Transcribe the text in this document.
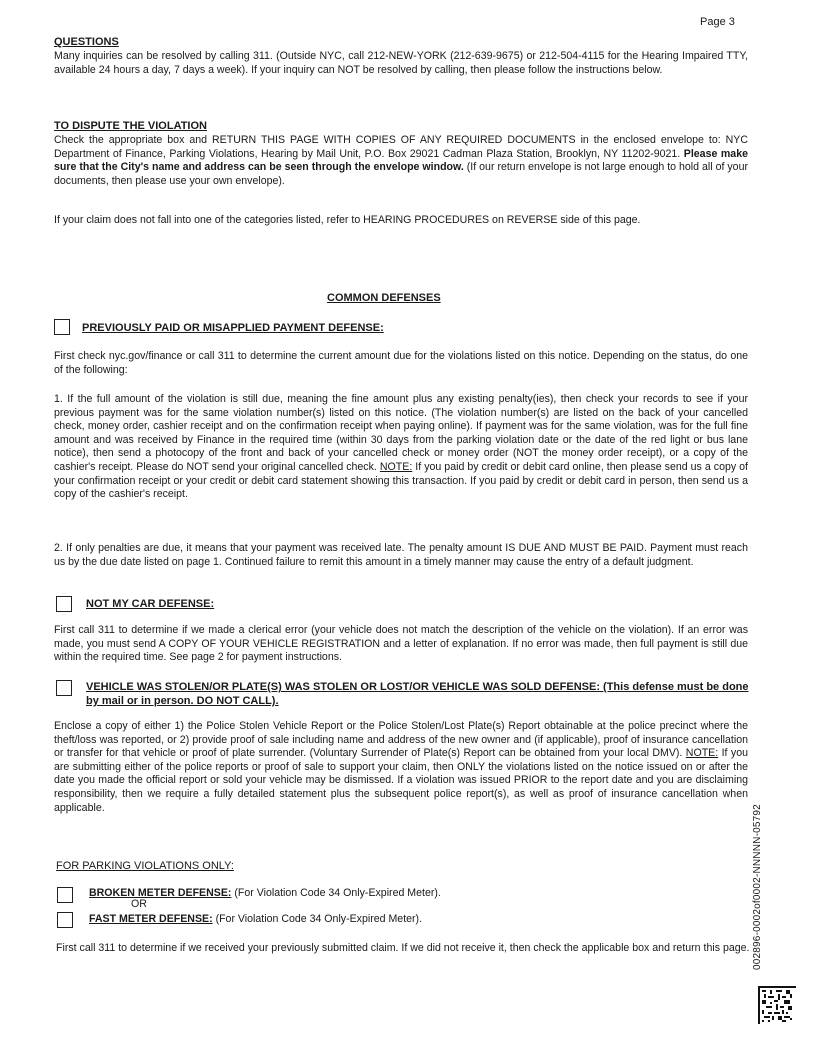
Page 3
QUESTIONS

Many inquiries can be resolved by calling 311. (Outside NYC, call 212-NEW-YORK (212-639-9675) or 212-504-4115 for the Hearing Impaired TTY, available 24 hours a day, 7 days a week). If your inquiry can NOT be resolved by calling, then please follow the instructions below.

TO DISPUTE THE VIOLATION

Check the appropriate box and RETURN THIS PAGE WITH COPIES OF ANY REQUIRED DOCUMENTS in the enclosed envelope to: NYC Department of Finance, Parking Violations, Hearing by Mail Unit, P.O. Box 29021 Cadman Plaza Station, Brooklyn, NY 11202-9021. Please make sure that the City's name and address can be seen through the envelope window. (If our return envelope is not large enough to hold all of your documents, then please use your own envelope).

If your claim does not fall into one of the categories listed, refer to HEARING PROCEDURES on REVERSE side of this page.

COMMON DEFENSES
PREVIOUSLY PAID OR MISAPPLIED PAYMENT DEFENSE:

First check nyc.gov/finance or call 311 to determine the current amount due for the violations listed on this notice. Depending on the status, do one of the following:

1. If the full amount of the violation is still due, meaning the fine amount plus any existing penalty(ies), then check your records to see if your previous payment was for the same violation number(s) listed on this notice. (The violation number(s) are listed on the back of your cancelled check, money order, cashier receipt and on the confirmation receipt when paying online). If payment was for the same violation, was for the full fine amount and was received by Finance in the required time (within 30 days from the parking violation date or the date of the red light or bus lane notice), then send a photocopy of the front and back of your cancelled check or money order (NOT the money order receipt), or a copy of the cashier's receipt. Please do NOT send your original cancelled check. NOTE: If you paid by credit or debit card online, then please send us a copy of your confirmation receipt or your credit or debit card statement showing this transaction. If you paid by credit or debit card in person, then send us a copy of the cashier's receipt.

2. If only penalties are due, it means that your payment was received late. The penalty amount IS DUE AND MUST BE PAID. Payment must reach us by the due date listed on page 1. Continued failure to remit this amount in a timely manner may cause the entry of a default judgment.

NOT MY CAR DEFENSE:

First call 311 to determine if we made a clerical error (your vehicle does not match the description of the vehicle on the violation). If an error was made, you must send A COPY OF YOUR VEHICLE REGISTRATION and a letter of explanation. If no error was made, then full payment is still due within the required time. See page 2 for payment instructions.

VEHICLE WAS STOLEN/OR PLATE(S) WAS STOLEN OR LOST/OR VEHICLE WAS SOLD DEFENSE: (This defense must be done by mail or in person. DO NOT CALL).

Enclose a copy of either 1) the Police Stolen Vehicle Report or the Police Stolen/Lost Plate(s) Report obtainable at the police precinct where the theft/loss was reported, or 2) provide proof of sale including name and address of the new owner and (if applicable), proof of insurance cancellation or transfer for that vehicle or proof of plate surrender. (Voluntary Surrender of Plate(s) Report can be obtained from your local DMV). NOTE: If you are submitting either of the police reports or proof of sale to support your claim, then ONLY the violations listed on the notice issued on or after the date you made the official report or sold your vehicle may be dismissed. If a violation was issued PRIOR to the report date and you are disclaiming responsibility, then we require a fully detailed statement plus the subsequent police report(s), as well as proof of insurance cancellation when applicable.

FOR PARKING VIOLATIONS ONLY:
BROKEN METER DEFENSE: (For Violation Code 34 Only-Expired Meter).
OR
FAST METER DEFENSE: (For Violation Code 34 Only-Expired Meter).

First call 311 to determine if we received your previously submitted claim. If we did not receive it, then check the applicable box and return this page. 002896-0002of0002-NNNNN-05792
